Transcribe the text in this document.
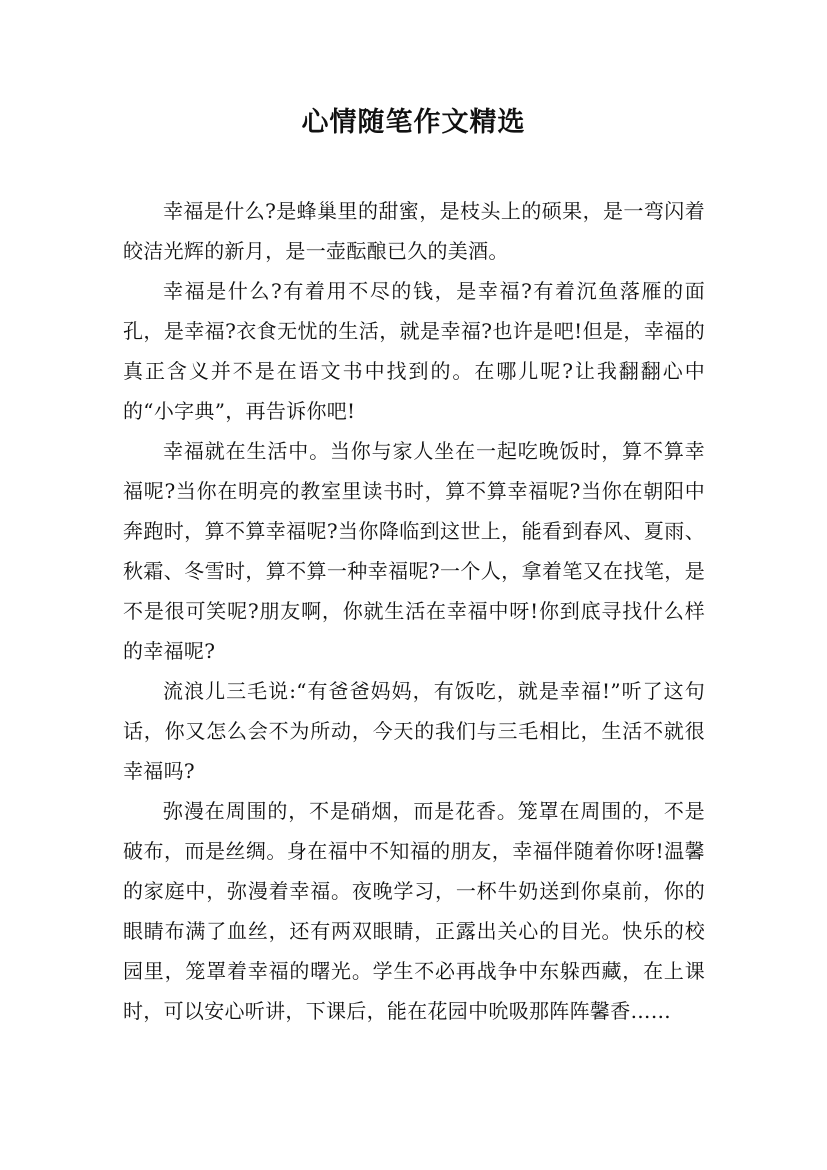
心情随笔作文精选

幸福是什么?是蜂巢里的甜蜜，是枝头上的硕果，是一弯闪着皎洁光辉的新月，是一壶酝酿已久的美酒。

幸福是什么?有着用不尽的钱，是幸福?有着沉鱼落雁的面孔，是幸福?衣食无忧的生活，就是幸福?也许是吧!但是，幸福的真正含义并不是在语文书中找到的。在哪儿呢?让我翻翻心中的“小字典”，再告诉你吧!

幸福就在生活中。当你与家人坐在一起吃晚饭时，算不算幸福呢?当你在明亮的教室里读书时，算不算幸福呢?当你在朝阳中奔跑时，算不算幸福呢?当你降临到这世上，能看到春风、夏雨、秋霜、冬雪时，算不算一种幸福呢?一个人，拿着笔又在找笔，是不是很可笑呢?朋友啊，你就生活在幸福中呀!你到底寻找什么样的幸福呢?

流浪儿三毛说:“有爸爸妈妈，有饭吃，就是幸福!”听了这句话，你又怎么会不为所动，今天的我们与三毛相比，生活不就很幸福吗?

弥漫在周围的，不是硝烟，而是花香。笼罩在周围的，不是破布，而是丝绸。身在福中不知福的朋友，幸福伴随着你呀!温馨的家庭中，弥漫着幸福。夜晚学习，一杯牛奶送到你桌前，你的眼睛布满了血丝，还有两双眼睛，正露出关心的目光。快乐的校园里，笼罩着幸福的曙光。学生不必再战争中东躲西藏，在上课时，可以安心听讲，下课后，能在花园中吮吸那阵阵馨香……
